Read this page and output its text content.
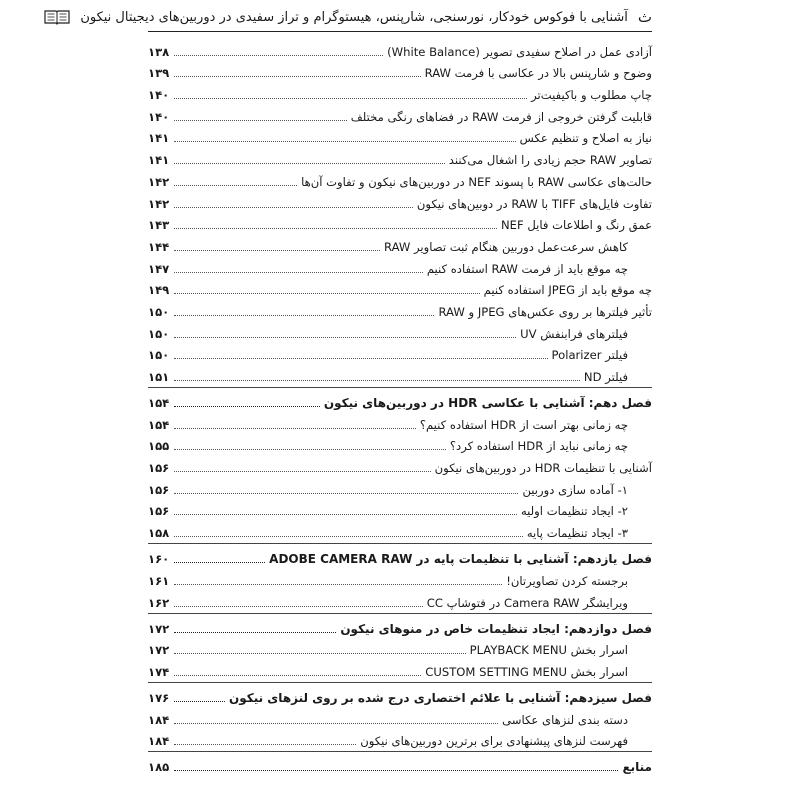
ث
آشنایی با فوکوس خودکار، نورسنجی، شارپنس، هیستوگرام و تراز سفیدی در دوربین‌های دیجیتال نیکون
آزادی عمل در اصلاح سفیدی تصویر (White Balance)
۱۳۸
وضوح و شارپنس بالا در عکاسی با فرمت RAW
۱۳۹
چاپ مطلوب و باکیفیت‌تر
۱۴۰
قابلیت گرفتن خروجی از فرمت RAW در فضاهای رنگی مختلف
۱۴۰
نیاز به اصلاح و تنظیم عکس
۱۴۱
تصاویر RAW حجم زیادی را اشغال می‌کنند
۱۴۱
حالت‌های عکاسی RAW با پسوند NEF در دوربین‌های نیکون و تفاوت آن‌ها
۱۴۲
تفاوت فایل‌های TIFF با RAW در دوبین‌های نیکون
۱۴۲
عمق رنگ و اطلاعات فایل NEF
۱۴۳
کاهش سرعت‌عمل دوربین هنگام ثبت تصاویر RAW
۱۴۴
چه موقع باید از فرمت RAW استفاده کنیم
۱۴۷
چه موقع باید از JPEG استفاده کنیم
۱۴۹
تأثیر فیلترها بر روی عکس‌های JPEG و RAW
۱۵۰
فیلترهای فرابنفش UV
۱۵۰
فیلتر Polarizer
۱۵۰
فیلتر ND
۱۵۱
فصل دهم: آشنایی با عکاسی HDR در دوربین‌های نیکون
۱۵۴
چه زمانی بهتر است از HDR استفاده کنیم؟
۱۵۴
چه زمانی نباید از HDR استفاده کرد؟
۱۵۵
آشنایی با تنظیمات HDR در دوربین‌های نیکون
۱۵۶
۱- آماده سازی دوربین
۱۵۶
۲- ایجاد تنظیمات اولیه
۱۵۶
۳- ایجاد تنظیمات پایه
۱۵۸
فصل یازدهم: آشنایی با تنظیمات پایه در ADOBE CAMERA RAW
۱۶۰
برجسته کردن تصاویرتان!
۱۶۱
ویرایشگر Camera RAW در فتوشاپ CC
۱۶۲
فصل دوازدهم: ایجاد تنظیمات خاص در منوهای نیکون
۱۷۲
اسرار بخش PLAYBACK MENU
۱۷۲
اسرار بخش CUSTOM SETTING MENU
۱۷۴
فصل سیزدهم: آشنایی با علائم اختصاری درج شده بر روی لنزهای نیکون
۱۷۶
دسته بندی لنزهای عکاسی
۱۸۴
فهرست لنزهای پیشنهادی برای برترین دوربین‌های نیکون
۱۸۴
منابع
۱۸۵
